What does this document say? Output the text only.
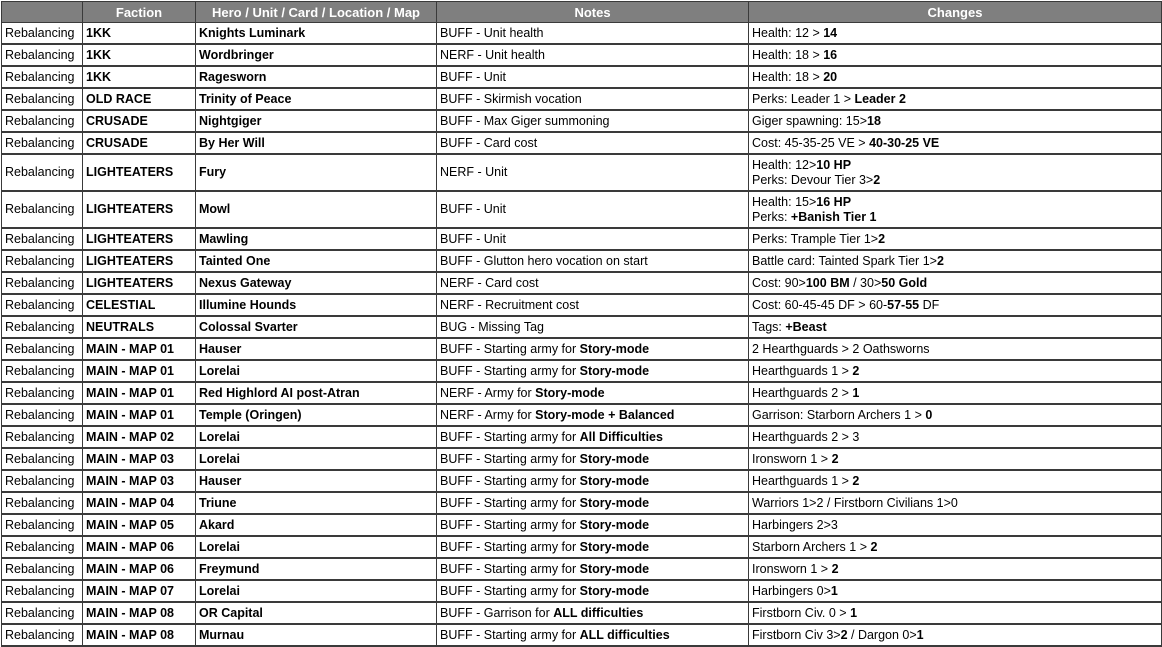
	Faction	Hero / Unit / Card / Location / Map	Notes	Changes
Rebalancing	1KK	Knights Luminark	BUFF - Unit health	Health: 12 > 14

Rebalancing	1KK	Wordbringer	NERF - Unit health	Health: 18 > 16

Rebalancing	1KK	Ragesworn	BUFF - Unit	Health: 18 > 20

Rebalancing	OLD RACE	Trinity of Peace	BUFF - Skirmish vocation	Perks: Leader 1 > Leader 2

Rebalancing	CRUSADE	Nightgiger	BUFF - Max Giger summoning	Giger spawning: 15>18

Rebalancing	CRUSADE	By Her Will	BUFF - Card cost	Cost: 45-35-25 VE > 40-30-25 VE

Rebalancing	LIGHTEATERS	Fury	NERF - Unit	Health: 12>10 HP
Perks: Devour Tier 3>2

Rebalancing	LIGHTEATERS	Mowl	BUFF - Unit	Health: 15>16 HP
Perks: +Banish Tier 1

Rebalancing	LIGHTEATERS	Mawling	BUFF - Unit	Perks: Trample Tier 1>2

Rebalancing	LIGHTEATERS	Tainted One	BUFF - Glutton hero vocation on start	Battle card: Tainted Spark Tier 1>2

Rebalancing	LIGHTEATERS	Nexus Gateway	NERF - Card cost	Cost: 90>100 BM / 30>50 Gold

Rebalancing	CELESTIAL	Illumine Hounds	NERF - Recruitment cost	Cost: 60-45-45 DF > 60-57-55 DF

Rebalancing	NEUTRALS	Colossal Svarter	BUG - Missing Tag	Tags: +Beast

Rebalancing	MAIN - MAP 01	Hauser	BUFF - Starting army for Story-mode	2 Hearthguards > 2 Oathsworns

Rebalancing	MAIN - MAP 01	Lorelai	BUFF - Starting army for Story-mode	Hearthguards 1 > 2

Rebalancing	MAIN - MAP 01	Red Highlord AI post-Atran	NERF - Army for Story-mode	Hearthguards 2 > 1

Rebalancing	MAIN - MAP 01	Temple (Oringen)	NERF - Army for Story-mode + Balanced	Garrison: Starborn Archers 1 > 0

Rebalancing	MAIN - MAP 02	Lorelai	BUFF - Starting army for All Difficulties	Hearthguards 2 > 3

Rebalancing	MAIN - MAP 03	Lorelai	BUFF - Starting army for Story-mode	Ironsworn 1 > 2

Rebalancing	MAIN - MAP 03	Hauser	BUFF - Starting army for Story-mode	Hearthguards 1 > 2

Rebalancing	MAIN - MAP 04	Triune	BUFF - Starting army for Story-mode	Warriors 1>2 / Firstborn Civilians 1>0

Rebalancing	MAIN - MAP 05	Akard	BUFF - Starting army for Story-mode	Harbingers 2>3

Rebalancing	MAIN - MAP 06	Lorelai	BUFF - Starting army for Story-mode	Starborn Archers 1 > 2

Rebalancing	MAIN - MAP 06	Freymund	BUFF - Starting army for Story-mode	Ironsworn 1 > 2

Rebalancing	MAIN - MAP 07	Lorelai	BUFF - Starting army for Story-mode	Harbingers 0>1

Rebalancing	MAIN - MAP 08	OR Capital	BUFF - Garrison for ALL difficulties	Firstborn Civ. 0 > 1

Rebalancing	MAIN - MAP 08	Murnau	BUFF - Starting army for ALL difficulties	Firstborn Civ 3>2 / Dargon 0>1
